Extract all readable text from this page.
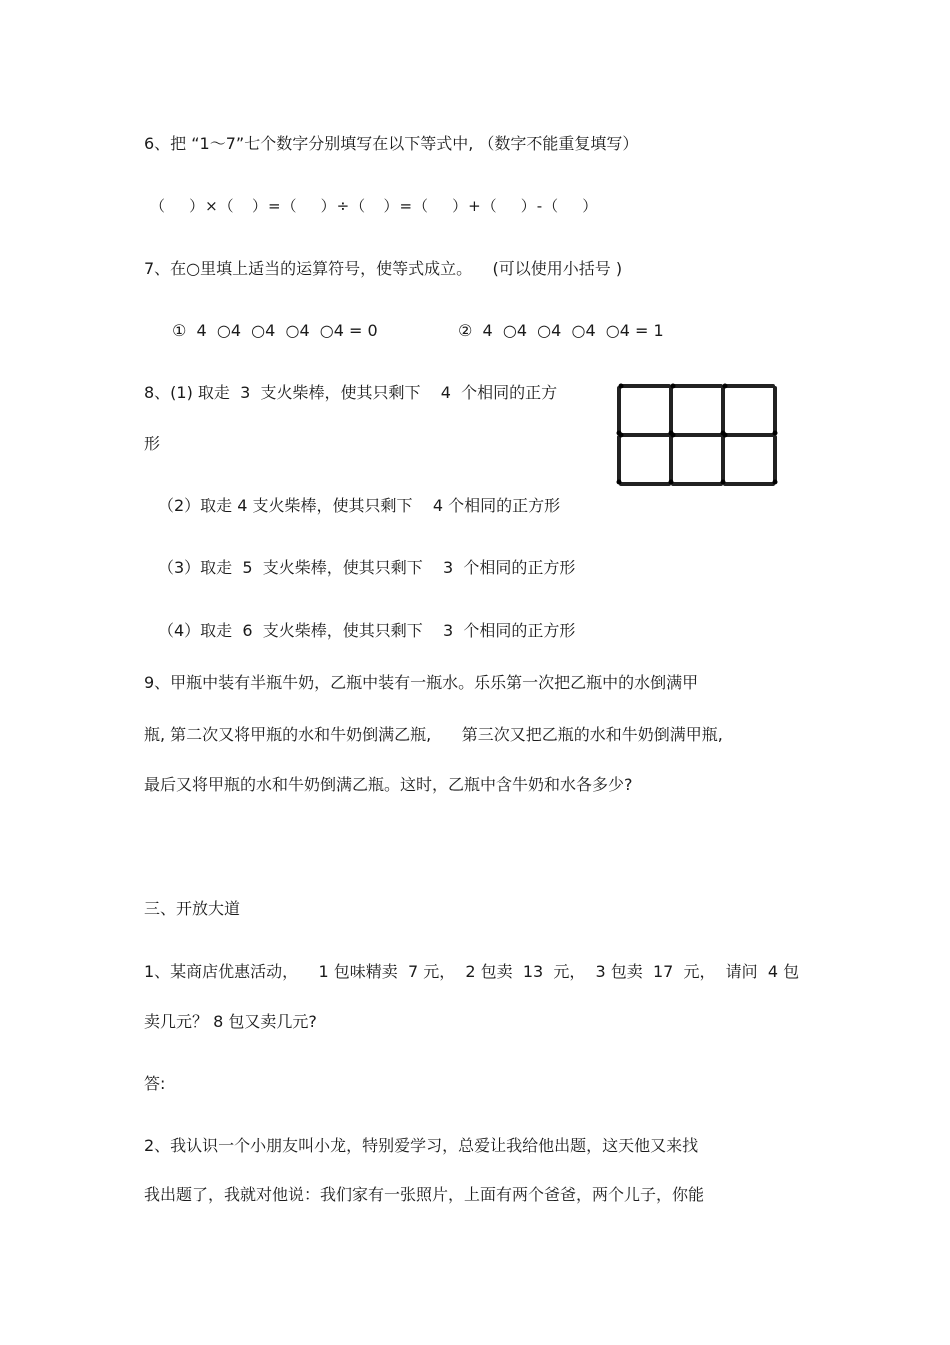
6、把 “1～7”七个数字分别填写在以下等式中, （数字不能重复填写）
（    ）×（   ）=（    ）÷（   ）=（    ）+（    ）-（    ）
7、在○里填上适当的运算符号，使等式成立。    (可以使用小括号 )
①  4  ○4  ○4  ○4  ○4 = 0	②  4  ○4  ○4  ○4  ○4 = 1
8、(1) 取走  3  支火柴棒，使其只剩下    4  个相同的正方
形
（2）取走 4 支火柴棒，使其只剩下    4 个相同的正方形
（3）取走  5  支火柴棒，使其只剩下    3  个相同的正方形
（4）取走  6  支火柴棒，使其只剩下    3  个相同的正方形
9、甲瓶中装有半瓶牛奶，乙瓶中装有一瓶水。乐乐第一次把乙瓶中的水倒满甲
瓶, 第二次又将甲瓶的水和牛奶倒满乙瓶,      第三次又把乙瓶的水和牛奶倒满甲瓶,
最后又将甲瓶的水和牛奶倒满乙瓶。这时，乙瓶中含牛奶和水各多少?
三、开放大道
1、某商店优惠活动，    1 包味精卖  7 元，  2 包卖  13  元，  3 包卖  17  元，  请问  4 包
卖几元？ 8 包又卖几元?
答:
2、我认识一个小朋友叫小龙，特别爱学习，总爱让我给他出题，这天他又来找
我出题了，我就对他说：我们家有一张照片，上面有两个爸爸，两个儿子，你能
